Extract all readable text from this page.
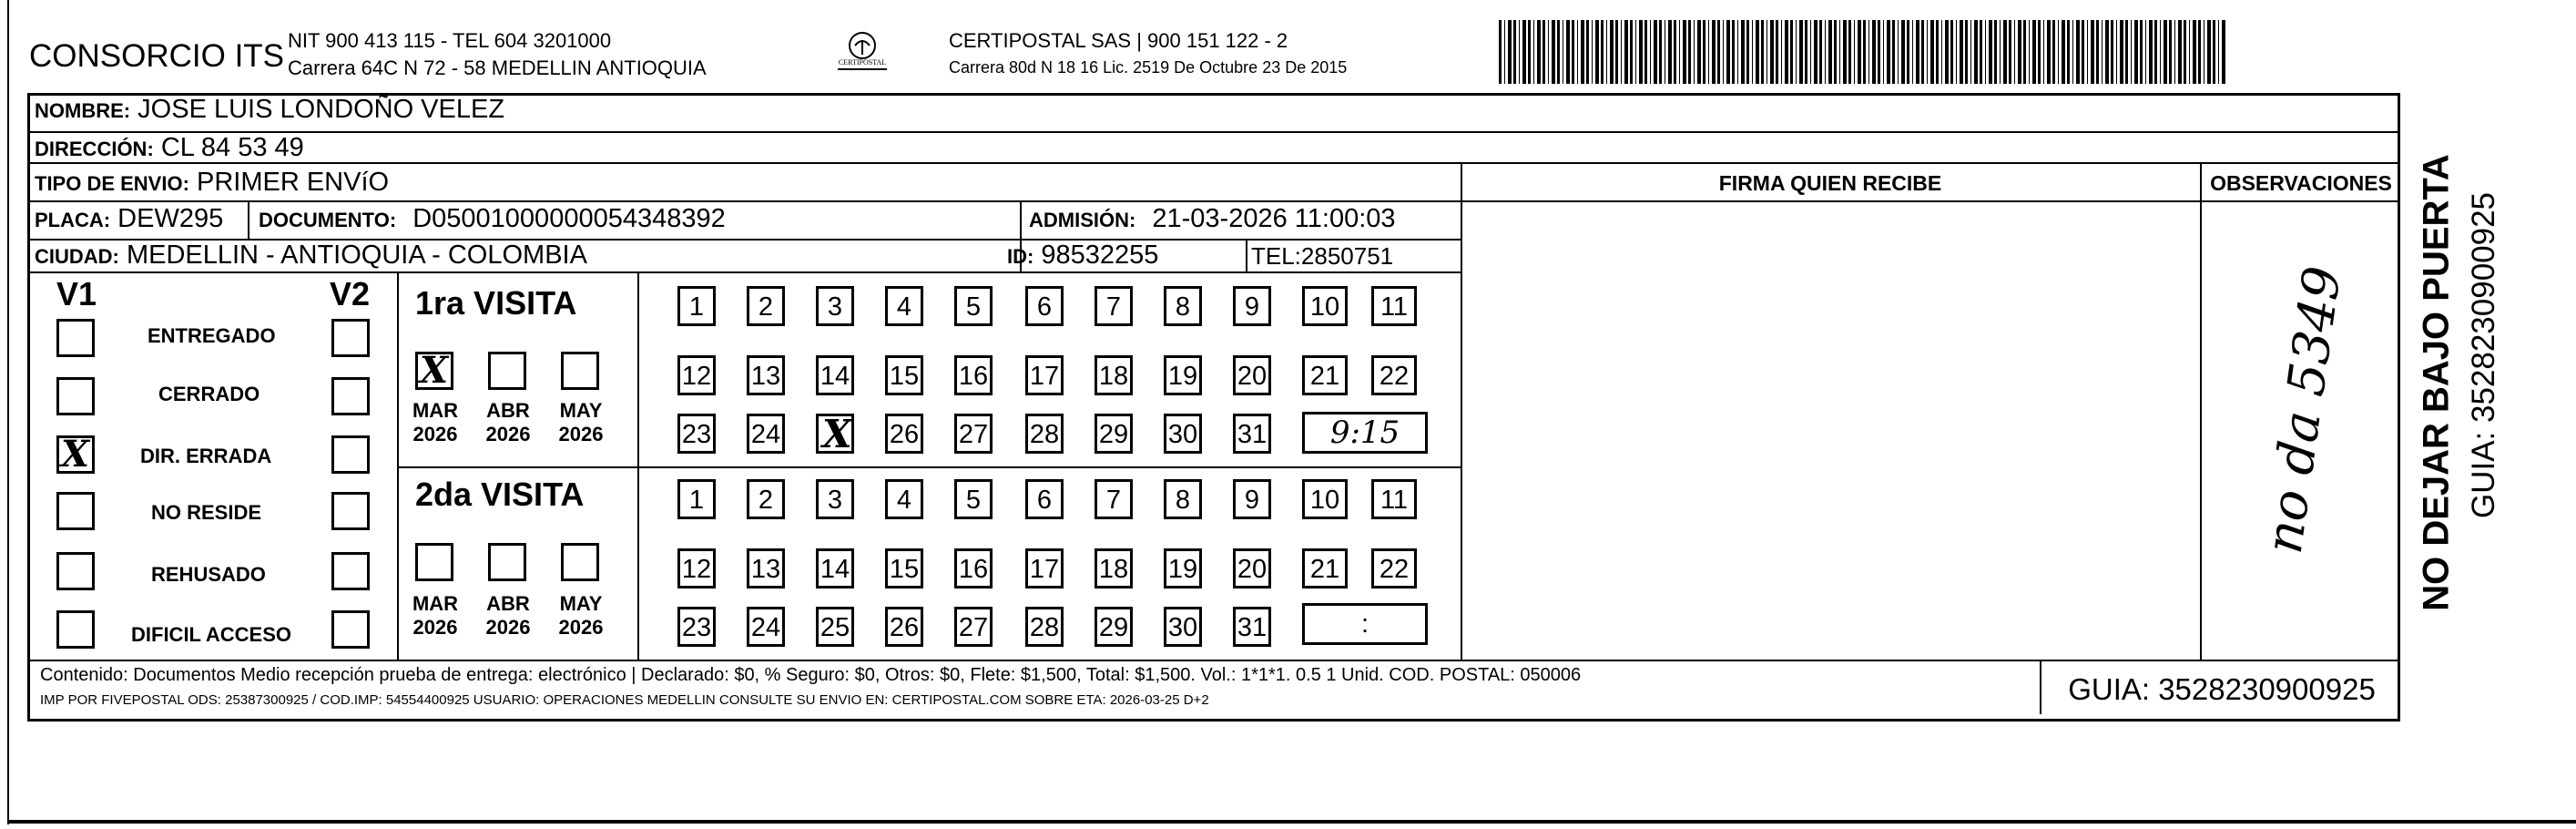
CONSORCIO ITS NIT 900 413 115 - TEL 604 3201000
Carrera 64C N 72 - 58 MEDELLIN ANTIOQUIA	CERTIPOSTAL
CERTIPOSTAL SAS | 900 151 122 - 2
Carrera 80d N 18 16 Lic. 2519 De Octubre 23 De 2015
NOMBRE: JOSE LUIS LONDOÑO VELEZ
DIRECCIÓN: CL 84 53 49
TIPO DE ENVIO: PRIMER ENVíO	FIRMA QUIEN RECIBE	OBSERVACIONES
PLACA: DEW295 DOCUMENTO: D05001000000054348392	ADMISIÓN: 21-03-2026 11:00:03
CIUDAD: MEDELLIN - ANTIOQUIA - COLOMBIA	ID: 98532255	TEL:2850751
V1	V2
ENTREGADO
CERRADO
X	DIR. ERRADA
NO RESIDE
REHUSADO
DIFICIL ACCESO
1ra VISITA
X
MAR
2026
ABR
2026
MAY
2026
1	2	3	4	5	6	7	8	9	10	11
12 13 14 15 16 17 18 19 20	21	22
23 24 X 26 27 28 29 30 31	9:15
2da VISITA
MAR
2026
ABR
2026
MAY
2026
1	2	3	4	5	6	7	8	9	10	11
12 13 14 15 16 17 18 19 20	21	22
23 24 25 26 27 28 29 30 31	:
no da 5349
Contenido: Documentos Medio recepción prueba de entrega: electrónico | Declarado: $0, % Seguro: $0, Otros: $0, Flete: $1,500, Total: $1,500. Vol.: 1*1*1. 0.5 1 Unid. COD. POSTAL: 050006
IMP POR FIVEPOSTAL ODS: 25387300925 / COD.IMP: 54554400925 USUARIO: OPERACIONES MEDELLIN CONSULTE SU ENVIO EN: CERTIPOSTAL.COM SOBRE ETA: 2026-03-25 D+2	GUIA: 3528230900925
NO DEJAR BAJO PUERTA GUIA: 3528230900925
